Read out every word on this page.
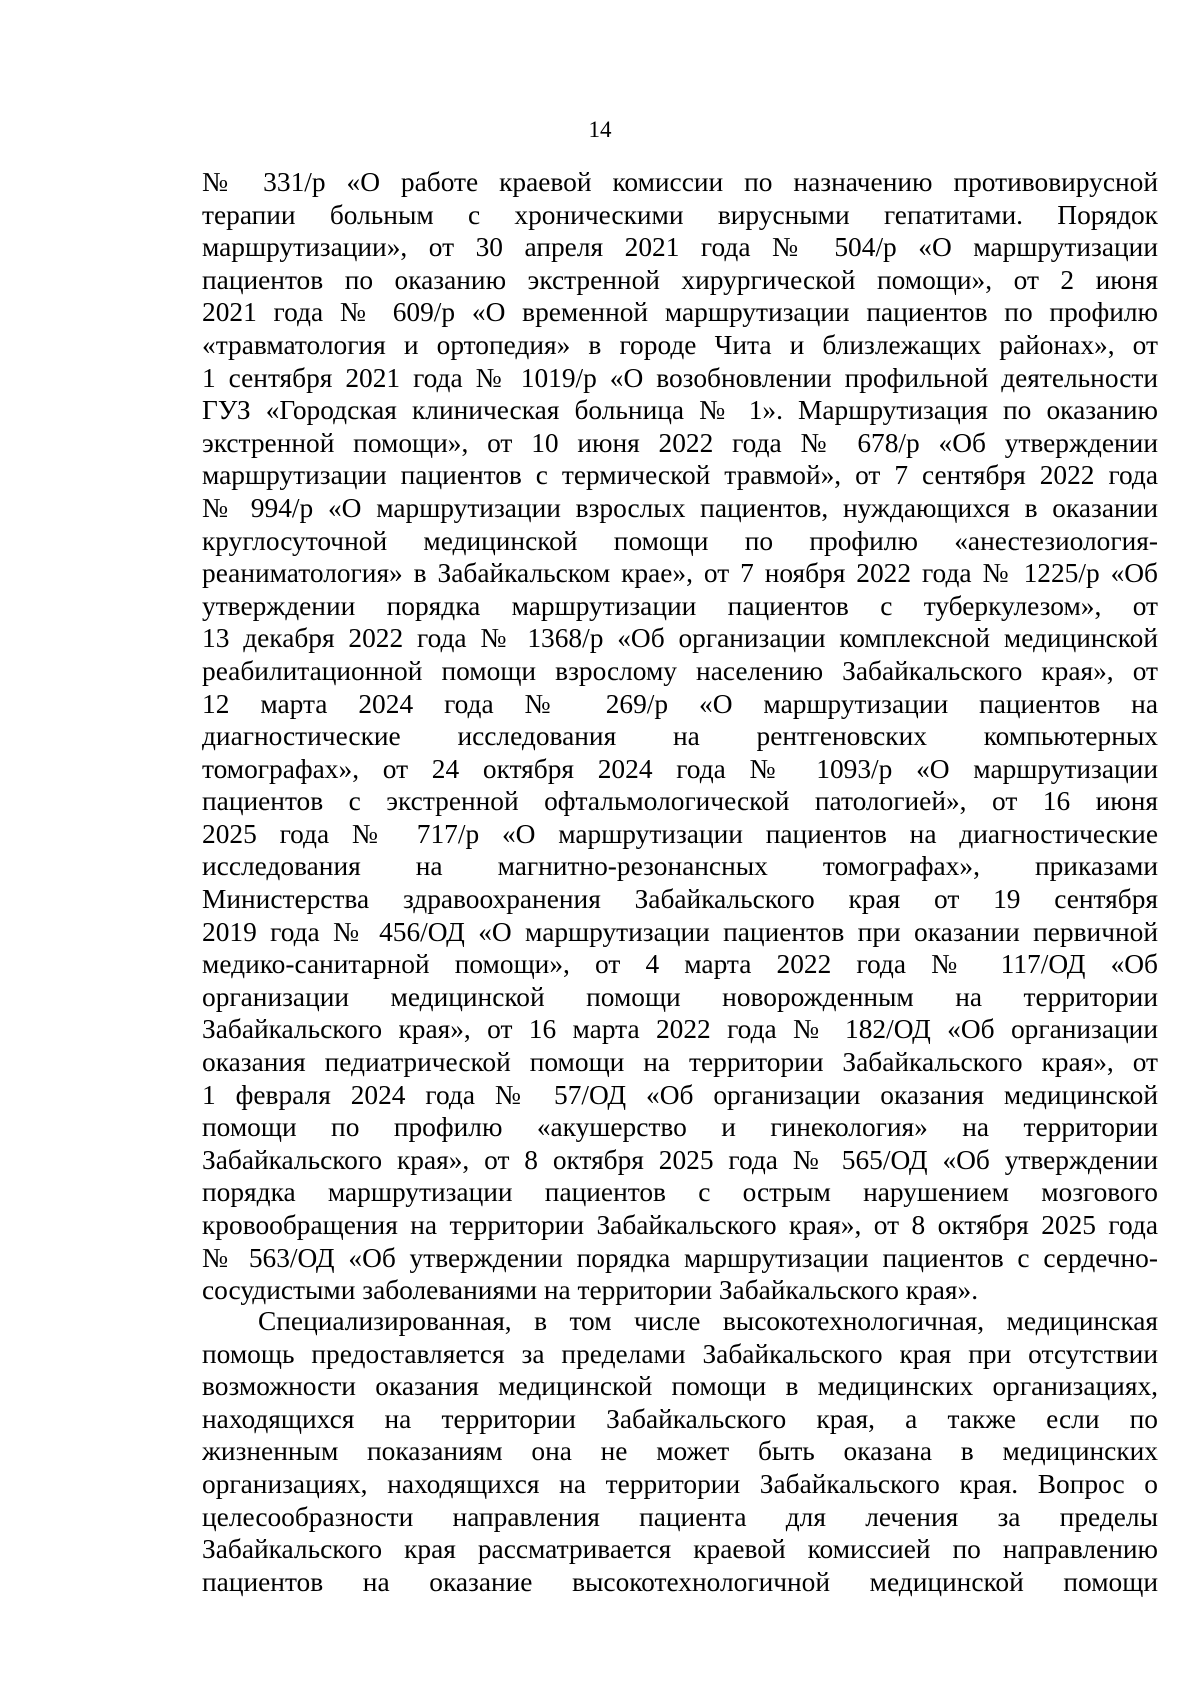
14
№ 331/р «О работе краевой комиссии по назначению противовирусной
терапии больным с хроническими вирусными гепатитами. Порядок
маршрутизации», от 30 апреля 2021 года № 504/р «О маршрутизации
пациентов по оказанию экстренной хирургической помощи», от 2 июня
2021 года № 609/р «О временной маршрутизации пациентов по профилю
«травматология и ортопедия» в городе Чита и близлежащих районах», от
1 сентября 2021 года № 1019/р «О возобновлении профильной деятельности
ГУЗ «Городская клиническая больница № 1». Маршрутизация по оказанию
экстренной помощи», от 10 июня 2022 года № 678/р «Об утверждении
маршрутизации пациентов с термической травмой», от 7 сентября 2022 года
№ 994/р «О маршрутизации взрослых пациентов, нуждающихся в оказании
круглосуточной медицинской помощи по профилю «анестезиология-
реаниматология» в Забайкальском крае», от 7 ноября 2022 года № 1225/р «Об
утверждении порядка маршрутизации пациентов с туберкулезом», от
13 декабря 2022 года № 1368/р «Об организации комплексной медицинской
реабилитационной помощи взрослому населению Забайкальского края», от
12 марта 2024 года № 269/р «О маршрутизации пациентов на
диагностические исследования на рентгеновских компьютерных
томографах», от 24 октября 2024 года № 1093/р «О маршрутизации
пациентов с экстренной офтальмологической патологией», от 16 июня
2025 года № 717/р «О маршрутизации пациентов на диагностические
исследования на магнитно-резонансных томографах», приказами
Министерства здравоохранения Забайкальского края от 19 сентября
2019 года № 456/ОД «О маршрутизации пациентов при оказании первичной
медико-санитарной помощи», от 4 марта 2022 года № 117/ОД «Об
организации медицинской помощи новорожденным на территории
Забайкальского края», от 16 марта 2022 года № 182/ОД «Об организации
оказания педиатрической помощи на территории Забайкальского края», от
1 февраля 2024 года № 57/ОД «Об организации оказания медицинской
помощи по профилю «акушерство и гинекология» на территории
Забайкальского края», от 8 октября 2025 года № 565/ОД «Об утверждении
порядка маршрутизации пациентов с острым нарушением мозгового
кровообращения на территории Забайкальского края», от 8 октября 2025 года
№ 563/ОД «Об утверждении порядка маршрутизации пациентов с сердечно-
сосудистыми заболеваниями на территории Забайкальского края».
Специализированная, в том числе высокотехнологичная, медицинская
помощь предоставляется за пределами Забайкальского края при отсутствии
возможности оказания медицинской помощи в медицинских организациях,
находящихся на территории Забайкальского края, а также если по
жизненным показаниям она не может быть оказана в медицинских
организациях, находящихся на территории Забайкальского края. Вопрос о
целесообразности направления пациента для лечения за пределы
Забайкальского края рассматривается краевой комиссией по направлению
пациентов на оказание высокотехнологичной медицинской помощи
